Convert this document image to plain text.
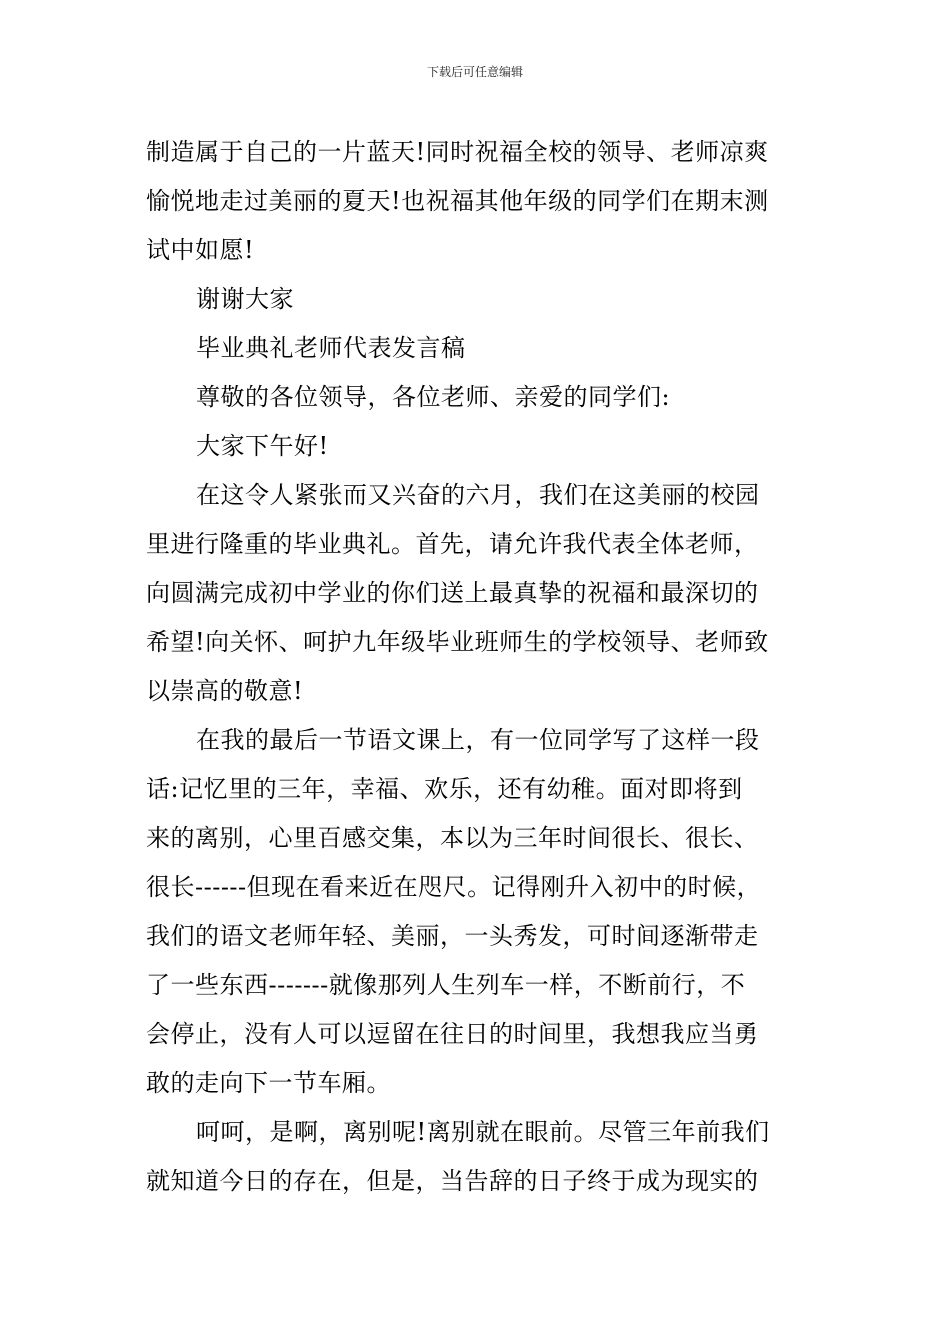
下载后可任意编辑
制造属于自己的一片蓝天!同时祝福全校的领导、老师凉爽
愉悦地走过美丽的夏天!也祝福其他年级的同学们在期末测
试中如愿!
谢谢大家
毕业典礼老师代表发言稿
尊敬的各位领导，各位老师、亲爱的同学们:
大家下午好!
在这令人紧张而又兴奋的六月，我们在这美丽的校园
里进行隆重的毕业典礼。首先，请允许我代表全体老师，
向圆满完成初中学业的你们送上最真挚的祝福和最深切的
希望!向关怀、呵护九年级毕业班师生的学校领导、老师致
以崇高的敬意!
在我的最后一节语文课上，有一位同学写了这样一段
话:记忆里的三年，幸福、欢乐，还有幼稚。面对即将到
来的离别，心里百感交集，本以为三年时间很长、很长、
很长------但现在看来近在咫尺。记得刚升入初中的时候，
我们的语文老师年轻、美丽，一头秀发，可时间逐渐带走
了一些东西-------就像那列人生列车一样，不断前行，不
会停止，没有人可以逗留在往日的时间里，我想我应当勇
敢的走向下一节车厢。
呵呵，是啊，离别呢!离别就在眼前。尽管三年前我们
就知道今日的存在，但是，当告辞的日子终于成为现实的
